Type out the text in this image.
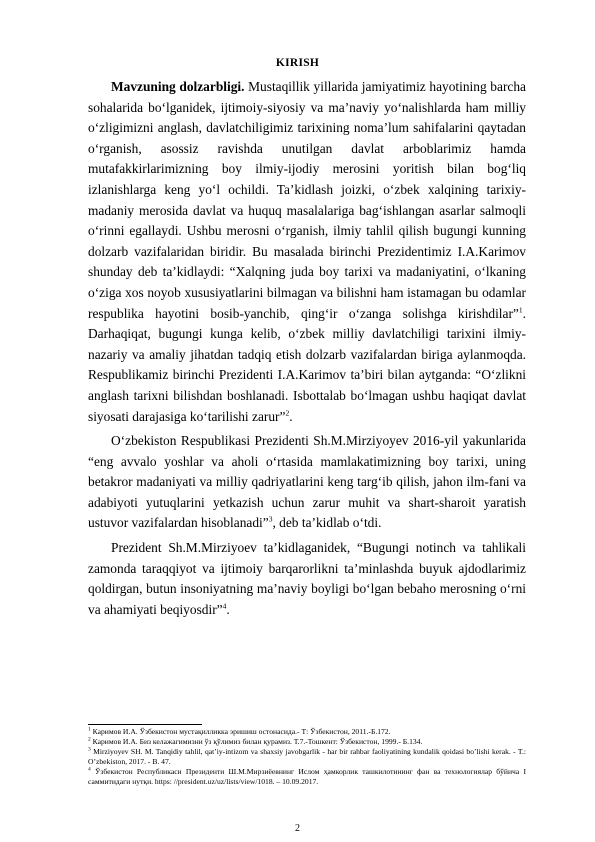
KIRISH

Mavzuning dolzarbligi. Mustaqillik yillarida jamiyatimiz hayotining barcha sohalarida bo‘lganidek, ijtimoiy-siyosiy va ma’naviy yo‘nalishlarda ham milliy o‘zligimizni anglash, davlatchiligimiz tarixining noma’lum sahifalarini qaytadan o‘rganish, asossiz ravishda unutilgan davlat arboblarimiz hamda mutafakkirlarimizning boy ilmiy-ijodiy merosini yoritish bilan bog‘liq izlanishlarga keng yo‘l ochildi. Ta’kidlash joizki, o‘zbek xalqining tarixiy-madaniy merosida davlat va huquq masalalariga bag‘ishlangan asarlar salmoqli o‘rinni egallaydi. Ushbu merosni o‘rganish, ilmiy tahlil qilish bugungi kunning dolzarb vazifalaridan biridir. Bu masalada birinchi Prezidentimiz I.A.Karimov shunday deb ta’kidlaydi: “Xalqning juda boy tarixi va madaniyatini, o‘lkaning o‘ziga xos noyob xususiyatlarini bilmagan va bilishni ham istamagan bu odamlar respublika hayotini bosib-yanchib, qing‘ir o‘zanga solishga kirishdilar”$^1$. Darhaqiqat, bugungi kunga kelib, o‘zbek milliy davlatchiligi tarixini ilmiy-nazariy va amaliy jihatdan tadqiq etish dolzarb vazifalardan biriga aylanmoqda. Respublikamiz birinchi Prezidenti I.A.Karimov ta’biri bilan aytganda: “O‘zlikni anglash tarixni bilishdan boshlanadi. Isbottalab bo‘lmagan ushbu haqiqat davlat siyosati darajasiga ko‘tarilishi zarur”$^2$.

O‘zbekiston Respublikasi Prezidenti Sh.M.Mirziyoyev 2016-yil yakunlarida “eng avvalo yoshlar va aholi o‘rtasida mamlakatimizning boy tarixi, uning betakror madaniyati va milliy qadriyatlarini keng targ‘ib qilish, jahon ilm-fani va adabiyoti yutuqlarini yetkazish uchun zarur muhit va shart-sharoit yaratish ustuvor vazifalardan hisoblanadi”$^3$, deb ta’kidlab o‘tdi.

Prezident Sh.M.Mirziyoev ta’kidlaganidek, “Bugungi notinch va tahlikali zamonda taraqqiyot va ijtimoiy barqarorlikni ta’minlashda buyuk ajdodlarimiz qoldirgan, butun insoniyatning ma’naviy boyligi bo‘lgan bebaho merosning o‘rni va ahamiyati beqiyosdir”$^4$.

$^1$ Каримов И.А. Ўзбекистон мустақилликка эришиш остонасида.- Т: Ўзбекистон, 2011.-Б.172.

$^2$ Каримов И.А. Биз келажагимизни ўз қўлимиз билан қурамиз. Т.7.-Тошкент: Ўзбекистон, 1999.- Б.134.

$^3$ Mirziyoyev SH. M. Tanqidiy tahlil, qat’iy-intizom va shaxsiy javobgarlik - har bir rahbar faoliyatining kundalik qoidasi bo’lishi kerak. - T.: O’zbekiston, 2017. - B. 47.

$^4$ Ўзбекистон Республикаси Президенти Ш.М.Мирзиёевнинг Ислом ҳамкорлик ташкилотининг фан ва технологиялар бўйича I саммитидаги нутқи. https: //president.uz/uz/lists/view/1018. – 10.09.2017.

2
